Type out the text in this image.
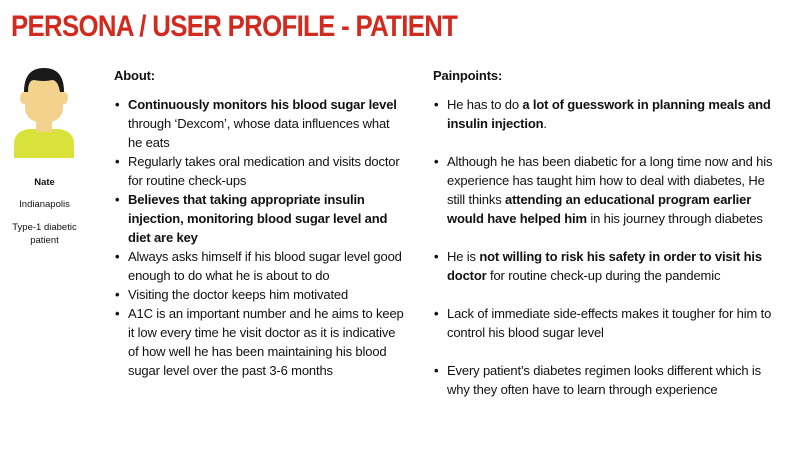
PERSONA / USER PROFILE - PATIENT
Nate
Indianapolis
Type-1 diabetic patient
About:
• Continuously monitors his blood sugar level through ‘Dexcom’, whose data influences what he eats
• Regularly takes oral medication and visits doctor for routine check-ups
• Believes that taking appropriate insulin injection, monitoring blood sugar level and diet are key
• Always asks himself if his blood sugar level good enough to do what he is about to do
• Visiting the doctor keeps him motivated
• A1C is an important number and he aims to keep it low every time he visit doctor as it is indicative of how well he has been maintaining his blood sugar level over the past 3-6 months
Painpoints:
• He has to do a lot of guesswork in planning meals and insulin injection.
• Although he has been diabetic for a long time now and his experience has taught him how to deal with diabetes, He still thinks attending an educational program earlier would have helped him in his journey through diabetes
• He is not willing to risk his safety in order to visit his doctor for routine check-up during the pandemic
• Lack of immediate side-effects makes it tougher for him to control his blood sugar level
• Every patient’s diabetes regimen looks different which is why they often have to learn through experience
